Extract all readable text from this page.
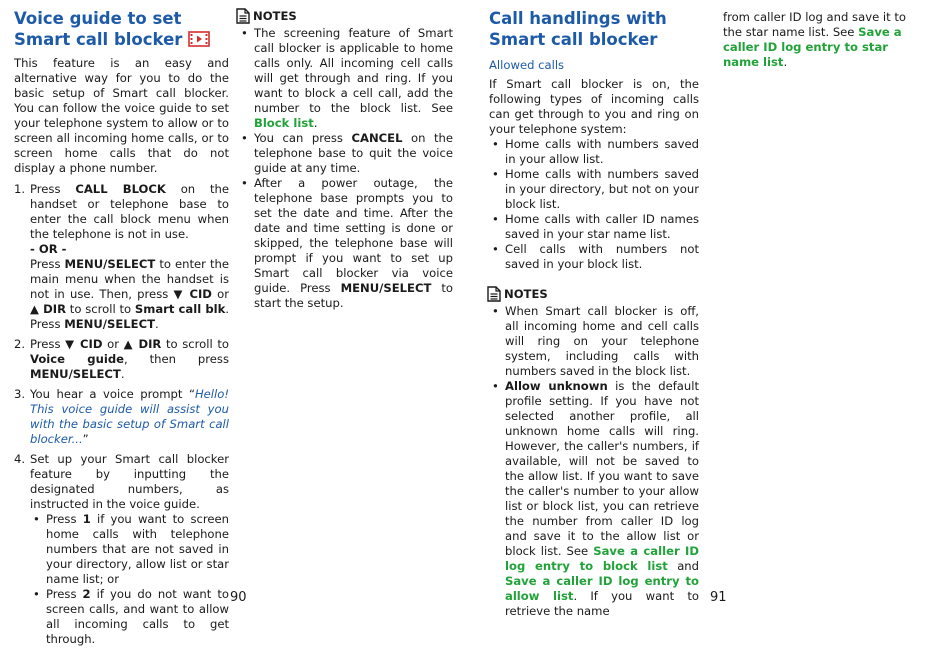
Voice guide to set Smart call blocker

This feature is an easy and alternative way for you to do the basic setup of Smart call blocker. You can follow the voice guide to set your telephone system to allow or to screen all incoming home calls, or to screen home calls that do not display a phone number.

1. Press CALL BLOCK on the handset or telephone base to enter the call block menu when the telephone is not in use.
- OR -
Press MENU/SELECT to enter the main menu when the handset is not in use. Then, press ▼ CID or ▲ DIR to scroll to Smart call blk. Press MENU/SELECT.
2. Press ▼ CID or ▲ DIR to scroll to Voice guide, then press MENU/SELECT.
3. You hear a voice prompt “Hello! This voice guide will assist you with the basic setup of Smart call blocker...”
4. Set up your Smart call blocker feature by inputting the designated numbers, as instructed in the voice guide.
• Press 1 if you want to screen home calls with telephone numbers that are not saved in your directory, allow list or star name list; or
• Press 2 if you do not want to screen calls, and want to allow all incoming calls to get through.
NOTES
• The screening feature of Smart call blocker is applicable to home calls only. All incoming cell calls will get through and ring. If you want to block a cell call, add the number to the block list. See Block list.
• You can press CANCEL on the telephone base to quit the voice guide at any time.
• After a power outage, the telephone base prompts you to set the date and time. After the date and time setting is done or skipped, the telephone base will prompt if you want to set up Smart call blocker via voice guide. Press MENU/SELECT to start the setup.
Call handlings with Smart call blocker
Allowed calls

If Smart call blocker is on, the following types of incoming calls can get through to you and ring on your telephone system:

• Home calls with numbers saved in your allow list.
• Home calls with numbers saved in your directory, but not on your block list.
• Home calls with caller ID names saved in your star name list.
• Cell calls with numbers not saved in your block list.
NOTES
• When Smart call blocker is off, all incoming home and cell calls will ring on your telephone system, including calls with numbers saved in the block list.
• Allow unknown is the default profile setting. If you have not selected another profile, all unknown home calls will ring. However, the caller's numbers, if available, will not be saved to the allow list. If you want to save the caller's number to your allow list or block list, you can retrieve the number from caller ID log and save it to the allow list or block list. See Save a caller ID log entry to block list and Save a caller ID log entry to allow list. If you want to retrieve the name

from caller ID log and save it to the star name list. See Save a caller ID log entry to star name list.

90	91
